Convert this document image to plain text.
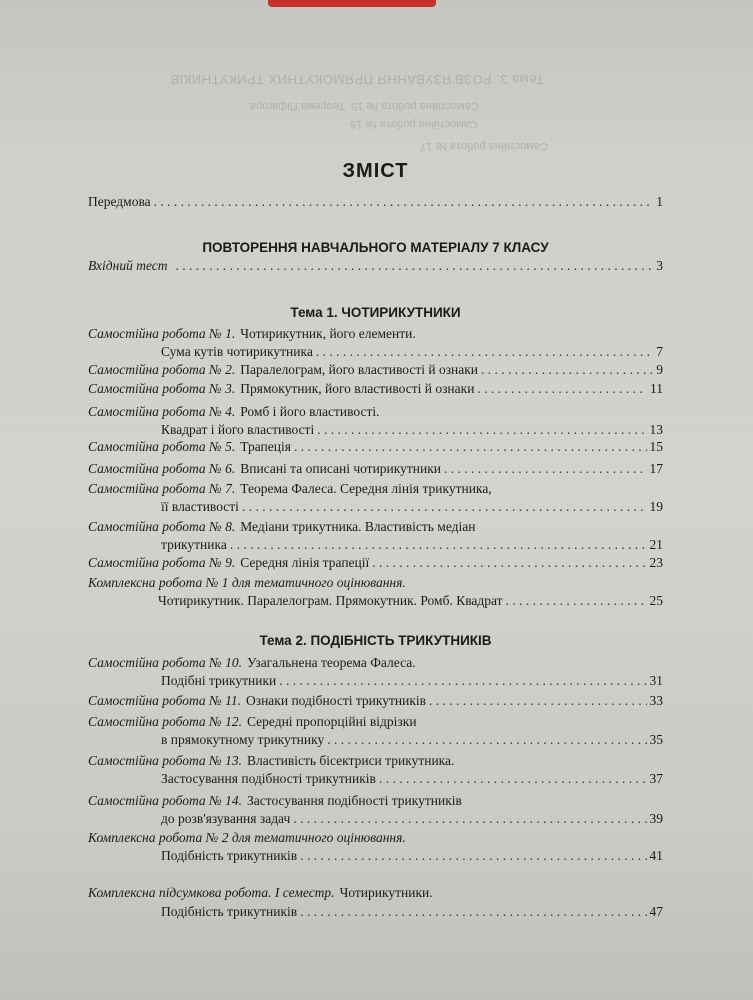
Тема 3. РОЗВ'ЯЗУВАННЯ ПРЯМОКУТНИХ ТРИКУТНИКІВ
Самостійна робота № 15. Теорема Піфагора
Самостійна робота № 16
Самостійна робота № 17
ЗМІСТ
Передмова . . .	1
ПОВТОРЕННЯ НАВЧАЛЬНОГО МАТЕРІАЛУ 7 КЛАСУ
Вхідний тест . . .	3
Тема 1. ЧОТИРИКУТНИКИ
Самостійна робота № 1. Чотирикутник, його елементи.
Сума кутів чотирикутника . . .	7
Самостійна робота № 2. Паралелограм, його властивості й ознаки . . .	9
Самостійна робота № 3. Прямокутник, його властивості й ознаки . . .	11
Самостійна робота № 4. Ромб і його властивості.
Квадрат і його властивості . . .	13
Самостійна робота № 5. Трапеція . . .	15
Самостійна робота № 6. Вписані та описані чотирикутники . . .	17
Самостійна робота № 7. Теорема Фалеса. Середня лінія трикутника,
її властивості . . .	19
Самостійна робота № 8. Медіани трикутника. Властивість медіан
трикутника . . .	21
Самостійна робота № 9. Середня лінія трапеції . . .	23
Комплексна робота № 1 для тематичного оцінювання.
Чотирикутник. Паралелограм. Прямокутник. Ромб. Квадрат . . .	25
Тема 2. ПОДІБНІСТЬ ТРИКУТНИКІВ
Самостійна робота № 10. Узагальнена теорема Фалеса.
Подібні трикутники . . .	31
Самостійна робота № 11. Ознаки подібності трикутників . . .	33
Самостійна робота № 12. Середні пропорційні відрізки
в прямокутному трикутнику . . .	35
Самостійна робота № 13. Властивість бісектриси трикутника.
Застосування подібності трикутників . . .	37
Самостійна робота № 14. Застосування подібності трикутників
до розв'язування задач . . .	39
Комплексна робота № 2 для тематичного оцінювання.
Подібність трикутників . . .	41
Комплексна підсумкова робота. І семестр. Чотирикутники.
Подібність трикутників . . .	47
